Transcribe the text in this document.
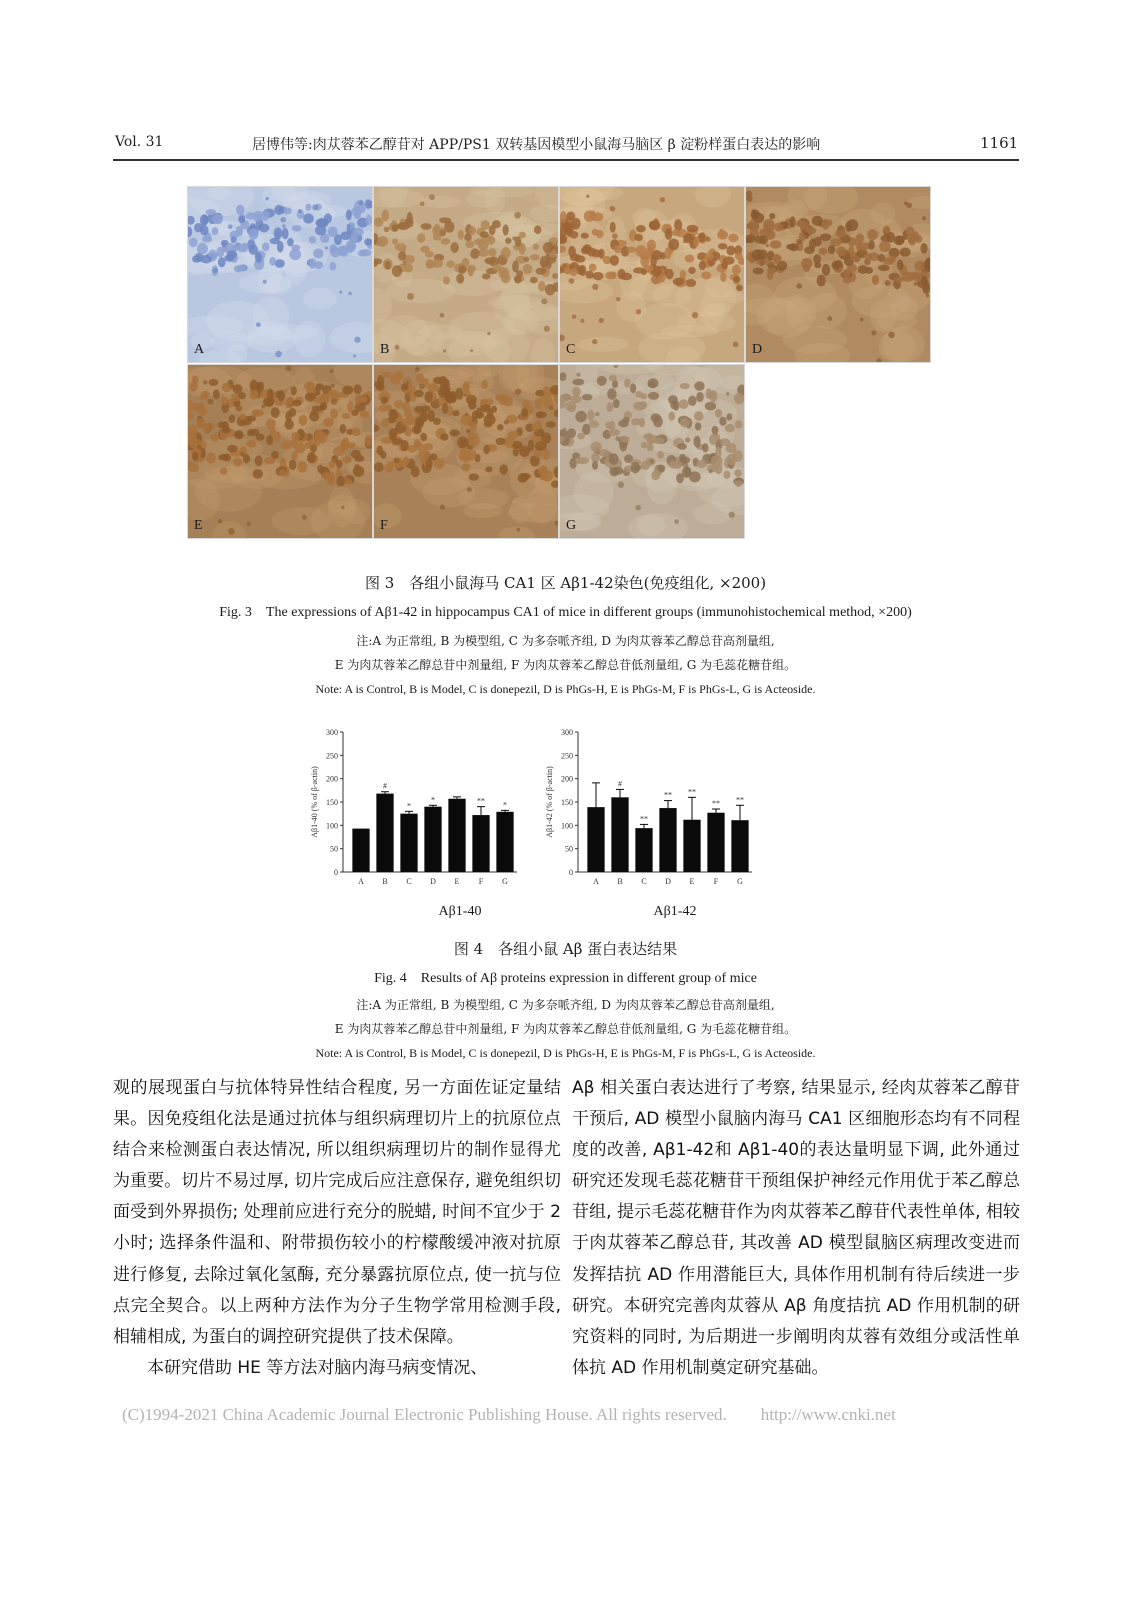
Vol. 31	居博伟等:肉苁蓉苯乙醇苷对 APP/PS1 双转基因模型小鼠海马脑区 β 淀粉样蛋白表达的影响	1161
A	B	C	D
E	F	G
图 3　各组小鼠海马 CA1 区 Aβ1-42染色(免疫组化, ×200)
Fig. 3　The expressions of Aβ1-42 in hippocampus CA1 of mice in different groups (immunohistochemical method, ×200)
注:A 为正常组, B 为模型组, C 为多奈哌齐组, D 为肉苁蓉苯乙醇总苷高剂量组,
E 为肉苁蓉苯乙醇总苷中剂量组, F 为肉苁蓉苯乙醇总苷低剂量组, G 为毛蕊花糖苷组。
Note: A is Control, B is Model, C is donepezil, D is PhGs-H, E is PhGs-M, F is PhGs-L, G is Acteoside.
0
50
100
150
200
250
300
Aβ1-40 (% of β-actin)
A
#
B
*
C
*
D E
**
F
*
G
Aβ1-40
0
50
100
150
200
250
300
Aβ1-42 (% of β-actin)
A
#
B
**
C
**
D
**
E
**
F
**
G
Aβ1-42
图 4　各组小鼠 Aβ 蛋白表达结果
Fig. 4　Results of Aβ proteins expression in different group of mice
注:A 为正常组, B 为模型组, C 为多奈哌齐组, D 为肉苁蓉苯乙醇总苷高剂量组,
E 为肉苁蓉苯乙醇总苷中剂量组, F 为肉苁蓉苯乙醇总苷低剂量组, G 为毛蕊花糖苷组。
Note: A is Control, B is Model, C is donepezil, D is PhGs-H, E is PhGs-M, F is PhGs-L, G is Acteoside.

观的展现蛋白与抗体特异性结合程度, 另一方面佐证定量结果。因免疫组化法是通过抗体与组织病理切片上的抗原位点结合来检测蛋白表达情况, 所以组织病理切片的制作显得尤为重要。切片不易过厚, 切片完成后应注意保存, 避免组织切面受到外界损伤; 处理前应进行充分的脱蜡, 时间不宜少于 2 小时; 选择条件温和、附带损伤较小的柠檬酸缓冲液对抗原进行修复, 去除过氧化氢酶, 充分暴露抗原位点, 使一抗与位点完全契合。以上两种方法作为分子生物学常用检测手段, 相辅相成, 为蛋白的调控研究提供了技术保障。

本研究借助 HE 等方法对脑内海马病变情况、

Aβ 相关蛋白表达进行了考察, 结果显示, 经肉苁蓉苯乙醇苷干预后, AD 模型小鼠脑内海马 CA1 区细胞形态均有不同程度的改善, Aβ1-42和 Aβ1-40的表达量明显下调, 此外通过研究还发现毛蕊花糖苷干预组保护神经元作用优于苯乙醇总苷组, 提示毛蕊花糖苷作为肉苁蓉苯乙醇苷代表性单体, 相较于肉苁蓉苯乙醇总苷, 其改善 AD 模型鼠脑区病理改变进而发挥拮抗 AD 作用潜能巨大, 具体作用机制有待后续进一步研究。本研究完善肉苁蓉从 Aβ 角度拮抗 AD 作用机制的研究资料的同时, 为后期进一步阐明肉苁蓉有效组分或活性单体抗 AD 作用机制奠定研究基础。

(C)1994-2021 China Academic Journal Electronic Publishing House. All rights reserved.　　http://www.cnki.net
